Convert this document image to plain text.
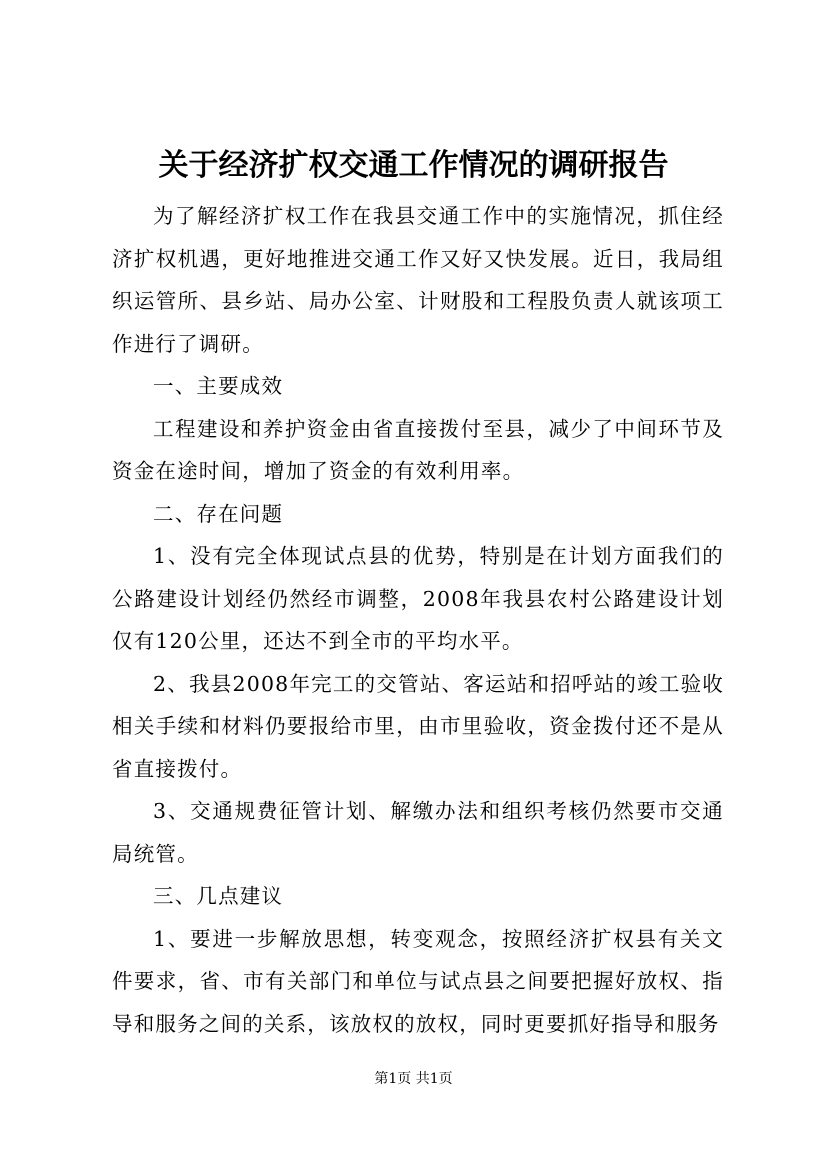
关于经济扩权交通工作情况的调研报告

为了解经济扩权工作在我县交通工作中的实施情况，抓住经济扩权机遇，更好地推进交通工作又好又快发展。近日，我局组织运管所、县乡站、局办公室、计财股和工程股负责人就该项工作进行了调研。

一、主要成效

工程建设和养护资金由省直接拨付至县，减少了中间环节及资金在途时间，增加了资金的有效利用率。

二、存在问题

1、没有完全体现试点县的优势，特别是在计划方面我们的公路建设计划经仍然经市调整，2008年我县农村公路建设计划仅有120公里，还达不到全市的平均水平。

2、我县2008年完工的交管站、客运站和招呼站的竣工验收相关手续和材料仍要报给市里，由市里验收，资金拨付还不是从省直接拨付。

3、交通规费征管计划、解缴办法和组织考核仍然要市交通局统管。

三、几点建议

1、要进一步解放思想，转变观念，按照经济扩权县有关文件要求，省、市有关部门和单位与试点县之间要把握好放权、指导和服务之间的关系，该放权的放权，同时更要抓好指导和服务

第1页 共1页
